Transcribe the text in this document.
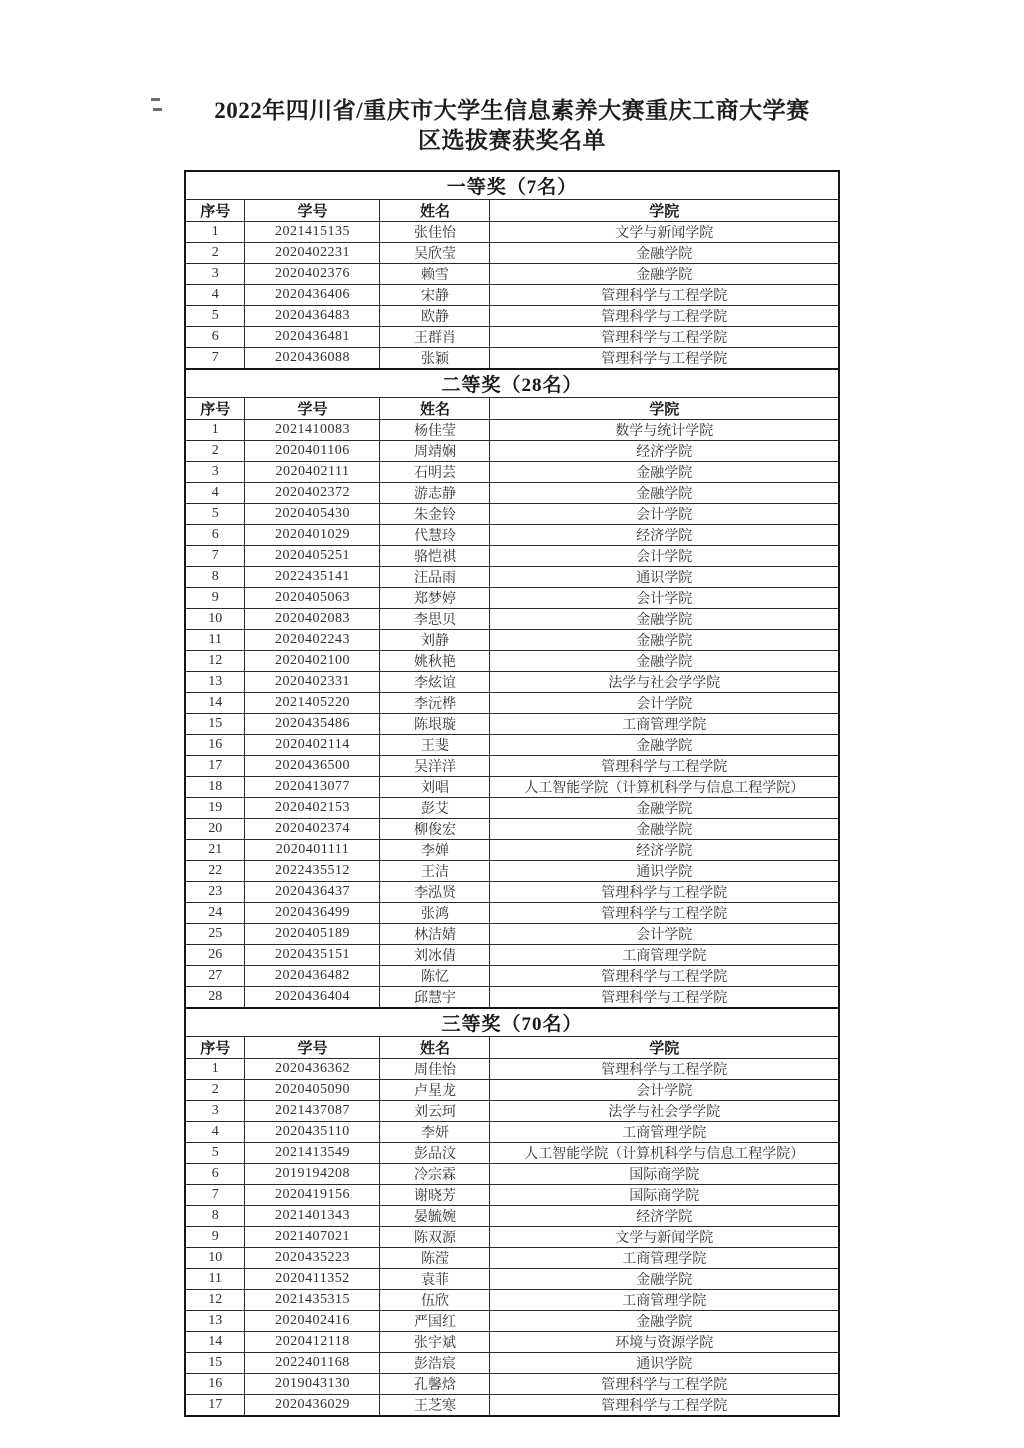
2022年四川省/重庆市大学生信息素养大赛重庆工商大学赛
区选拔赛获奖名单
一等奖（7名）			
序号	学号	姓名	学院
1	2021415135	张佳怡	文学与新闻学院
2	2020402231	吴欣莹	金融学院
3	2020402376	赖雪	金融学院
4	2020436406	宋静	管理科学与工程学院
5	2020436483	欧静	管理科学与工程学院
6	2020436481	王群肖	管理科学与工程学院
7	2020436088	张颖	管理科学与工程学院
二等奖（28名）			
序号	学号	姓名	学院
1	2021410083	杨佳莹	数学与统计学院
2	2020401106	周靖娴	经济学院
3	2020402111	石明芸	金融学院
4	2020402372	游志静	金融学院
5	2020405430	朱金铃	会计学院
6	2020401029	代慧玲	经济学院
7	2020405251	骆恺祺	会计学院
8	2022435141	汪品雨	通识学院
9	2020405063	郑梦婷	会计学院
10	2020402083	李思贝	金融学院
11	2020402243	刘静	金融学院
12	2020402100	姚秋艳	金融学院
13	2020402331	李炫谊	法学与社会学学院
14	2021405220	李沅桦	会计学院
15	2020435486	陈垠璇	工商管理学院
16	2020402114	王斐	金融学院
17	2020436500	吴洋洋	管理科学与工程学院
18	2020413077	刘唱	人工智能学院（计算机科学与信息工程学院）
19	2020402153	彭艾	金融学院
20	2020402374	柳俊宏	金融学院
21	2020401111	李婵	经济学院
22	2022435512	王洁	通识学院
23	2020436437	李泓贤	管理科学与工程学院
24	2020436499	张鸿	管理科学与工程学院
25	2020405189	林洁婧	会计学院
26	2020435151	刘冰倩	工商管理学院
27	2020436482	陈忆	管理科学与工程学院
28	2020436404	邱慧宇	管理科学与工程学院
三等奖（70名）			
序号	学号	姓名	学院
1	2020436362	周佳怡	管理科学与工程学院
2	2020405090	卢星龙	会计学院
3	2021437087	刘云珂	法学与社会学学院
4	2020435110	李妍	工商管理学院
5	2021413549	彭品汶	人工智能学院（计算机科学与信息工程学院）
6	2019194208	冷宗霖	国际商学院
7	2020419156	谢晓芳	国际商学院
8	2021401343	晏毓婉	经济学院
9	2021407021	陈双源	文学与新闻学院
10	2020435223	陈滢	工商管理学院
11	2020411352	袁菲	金融学院
12	2021435315	伍欣	工商管理学院
13	2020402416	严国红	金融学院
14	2020412118	张宇斌	环境与资源学院
15	2022401168	彭浩宸	通识学院
16	2019043130	孔馨焓	管理科学与工程学院
17	2020436029	王芝寒	管理科学与工程学院
